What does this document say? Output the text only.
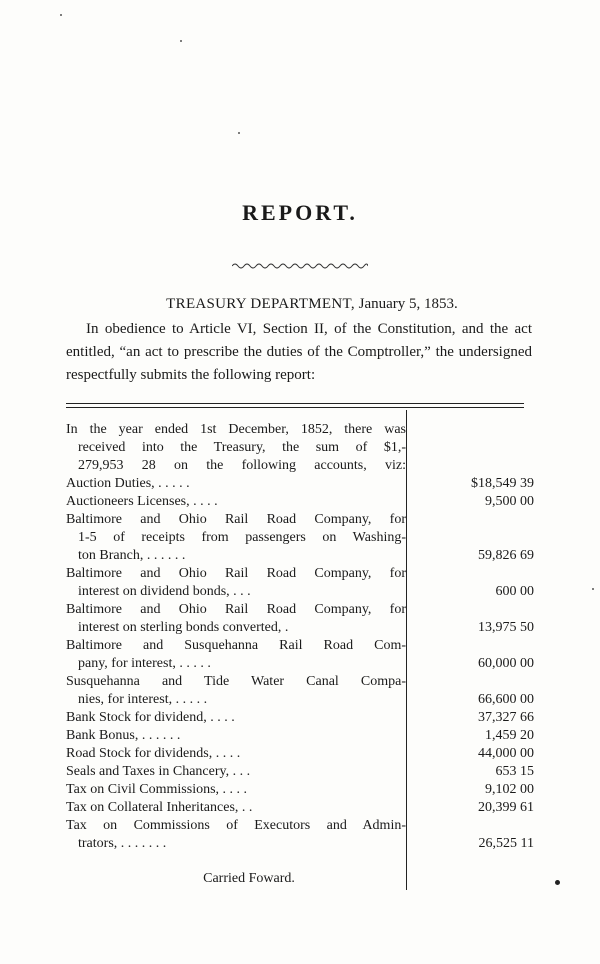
REPORT.
TREASURY DEPARTMENT, January 5, 1853.

In obedience to Article VI, Section II, of the Constitution, and the act entitled, “an act to prescribe the duties of the Comptroller,” the undersigned respectfully submits the following report:

In the year ended 1st December, 1852, there was
received into the Treasury, the sum of $1,-
279,953 28 on the following accounts, viz:
Auction Duties, . . . . .
Auctioneers Licenses, . . . .
Baltimore and Ohio Rail Road Company, for
1-5 of receipts from passengers on Washing-
ton Branch, . . . . . .
Baltimore and Ohio Rail Road Company, for
interest on dividend bonds, . . .
Baltimore and Ohio Rail Road Company, for
interest on sterling bonds converted, .
Baltimore and Susquehanna Rail Road Com-
pany, for interest, . . . . .
Susquehanna and Tide Water Canal Compa-
nies, for interest, . . . . .
Bank Stock for dividend, . . . .
Bank Bonus, . . . . . .
Road Stock for dividends, . . . .
Seals and Taxes in Chancery, . . .
Tax on Civil Commissions, . . . .
Tax on Collateral Inheritances, . .
Tax on Commissions of Executors and Admin-
trators, . . . . . . .
$18,549 39
9,500 00
59,826 69
600 00
13,975 50
60,000 00
66,600 00
37,327 66
1,459 20
44,000 00
653 15
9,102 00
20,399 61
26,525 11
Carried Foward.
